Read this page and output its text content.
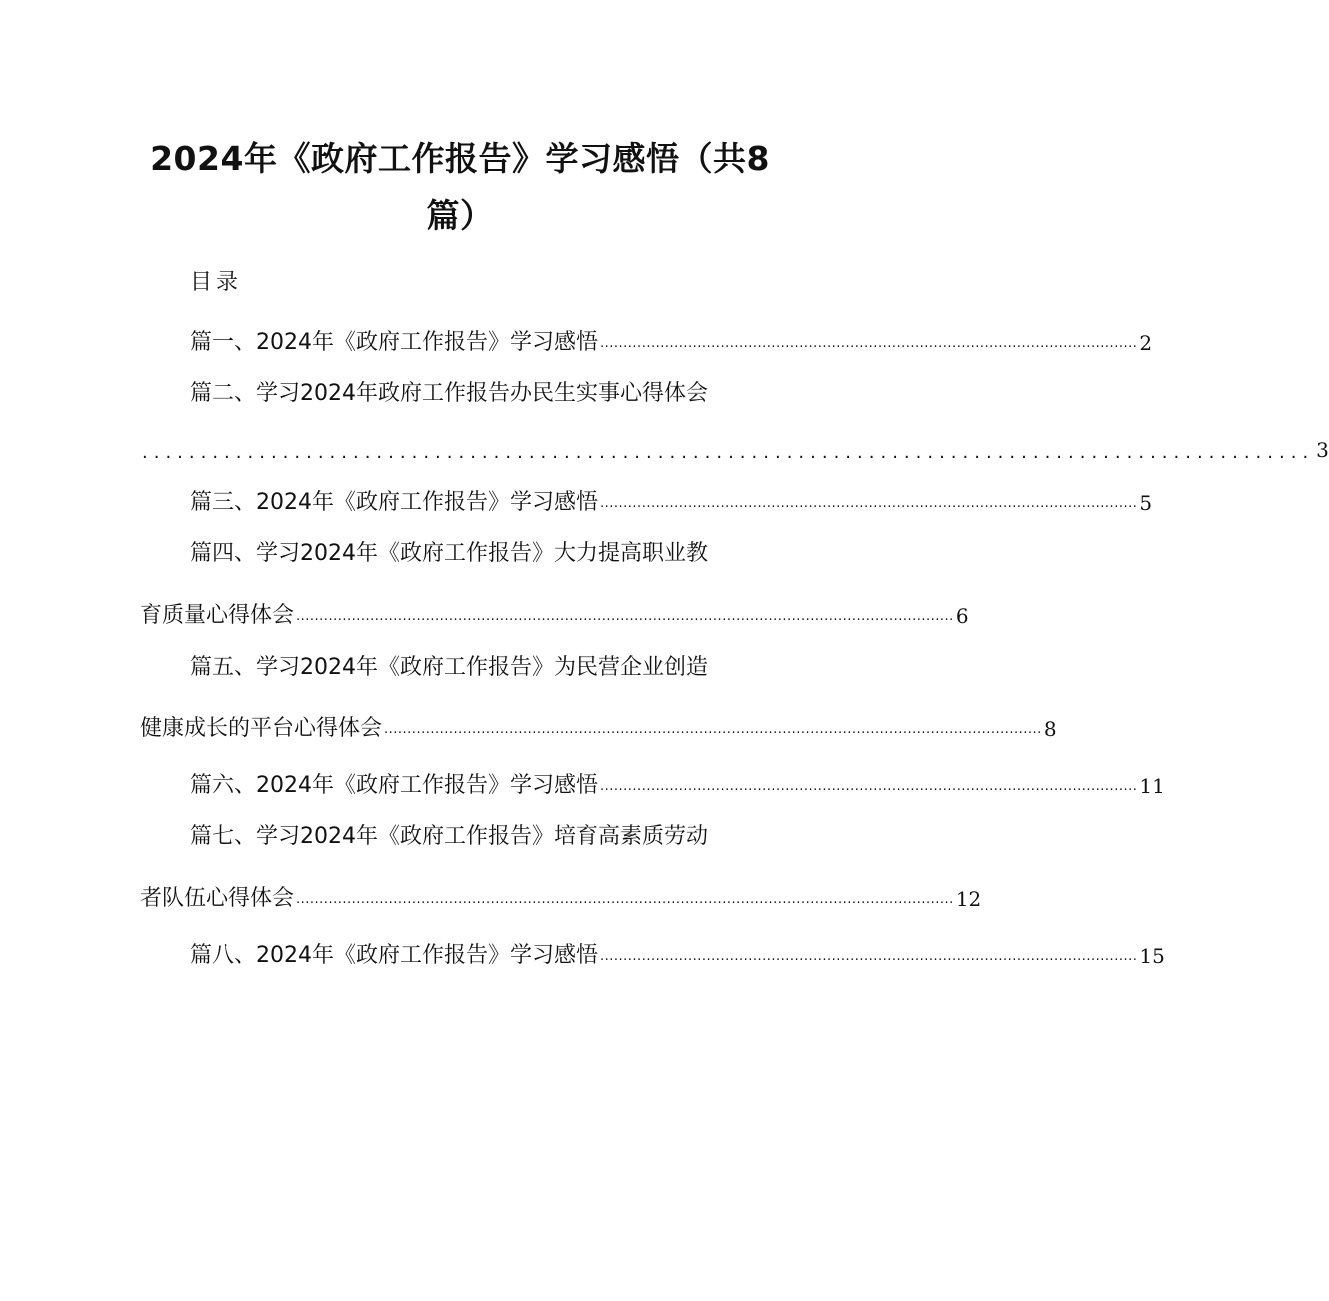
2024年《政府工作报告》学习感悟（共8
篇）
目录
篇一、2024年《政府工作报告》学习感悟 .................................................................................................................... 2
篇二、学习2024年政府工作报告办民生实事心得体会
.................................................................................................... 3
篇三、2024年《政府工作报告》学习感悟 .................................................................................................................... 5
篇四、学习2024年《政府工作报告》大力提高职业教
育质量心得体会 .............................................................................................................................................. 6
篇五、学习2024年《政府工作报告》为民营企业创造
健康成长的平台心得体会 .............................................................................................................................................. 8
篇六、2024年《政府工作报告》学习感悟 .................................................................................................................... 11
篇七、学习2024年《政府工作报告》培育高素质劳动
者队伍心得体会 .............................................................................................................................................. 12
篇八、2024年《政府工作报告》学习感悟 .................................................................................................................... 15
